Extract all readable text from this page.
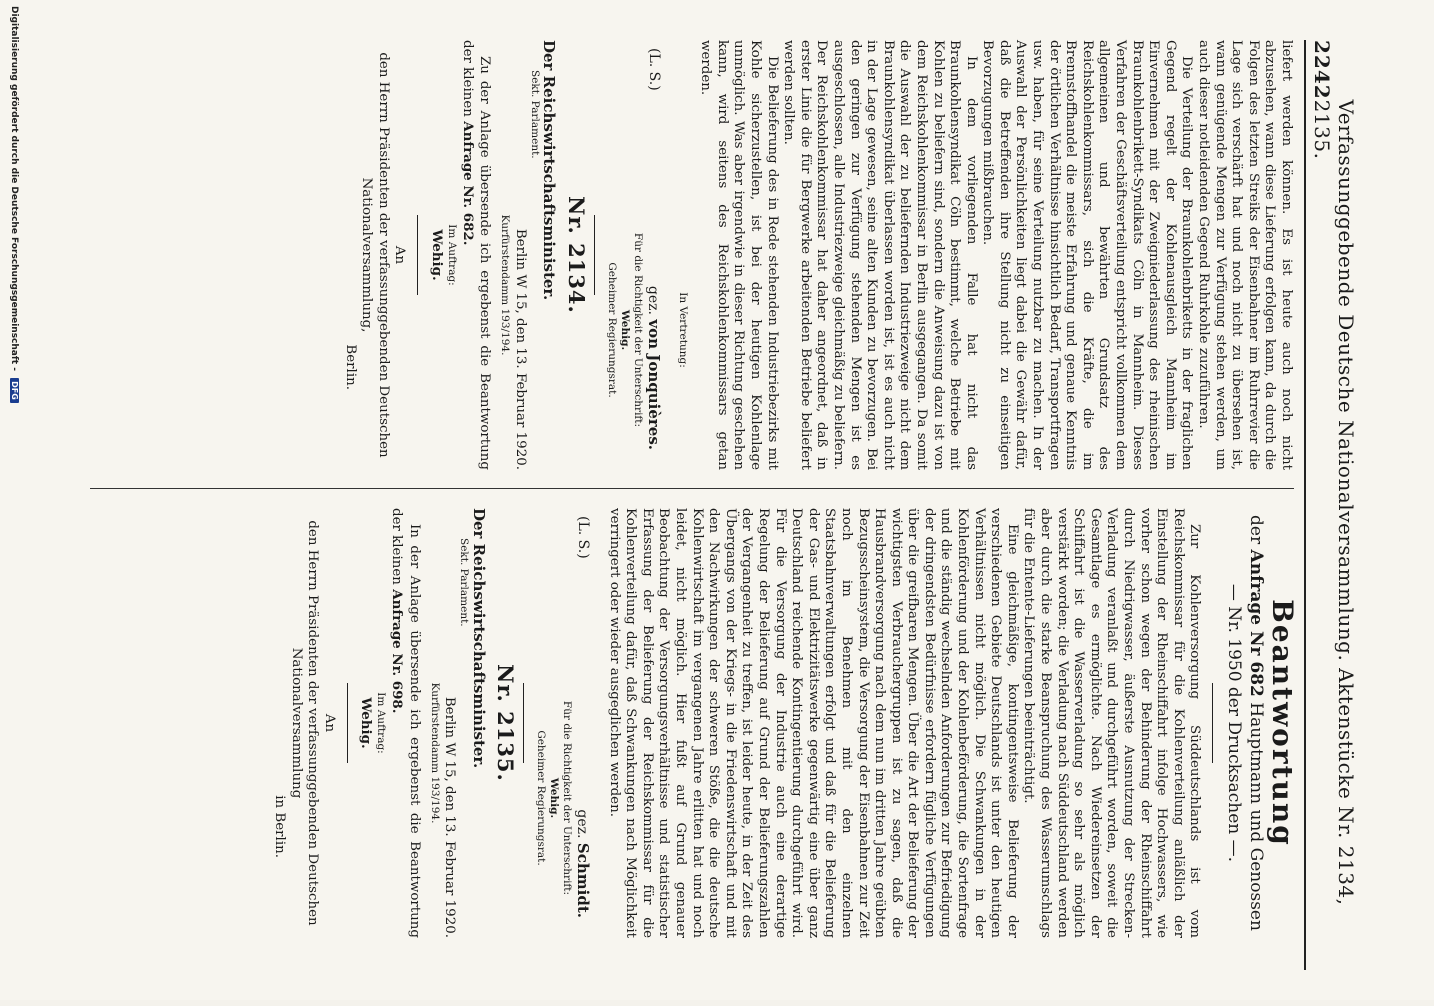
2242
Verfassunggebende Deutsche Nationalversammlung. Aktenstücke Nr. 2134, 2135.
Beantwortung
der Anfrage Nr 682 Hauptmann und Genossen
— Nr. 1950 der Drucksachen —.

Zur Kohlenversorgung Süddeutschlands ist vom Reichskommissar für die Kohlenverteilung anläßlich der Einstellung der Rheinschiffahrt infolge Hochwassers, wie vorher schon wegen der Behinderung der Rheinschiffahrt durch Niedrigwasser, äußerste Ausnutzung der Strecken-Verladung veranlaßt und durchgeführt worden, soweit die Gesamtlage es ermöglichte. Nach Wiedereinsetzen der Schiffahrt ist die Wasserverladung so sehr als möglich verstärkt worden; die Verladung nach Süddeutschland werden aber durch die starke Beanspruchung des Wasserumschlags für die Entente-Lieferungen beeinträchtigt.

Eine gleichmäßige, kontingentsweise Belieferung der verschiedenen Gebiete Deutschlands ist unter den heutigen Verhältnissen nicht möglich. Die Schwankungen in der Kohlenförderung und der Kohlenbeförderung, die Sortenfrage und die ständig wechselnden Anforderungen zur Befriedigung der dringendsten Bedürfnisse erfordern fügliche Verfügungen über die greifbaren Mengen. Über die Art der Belieferung der wichtigsten Verbrauchergruppen ist zu sagen, daß die Hausbrandversorgung nach dem nun im dritten Jahre geübten Bezugsscheinsystem, die Versorgung der Eisenbahnen zur Zeit noch im Benehmen mit den einzelnen Staatsbahnverwaltungen erfolgt und daß für die Belieferung der Gas- und Elektrizitätswerke gegenwärtig eine über ganz Deutschland reichende Kontingentierung durchgeführt wird. Für die Versorgung der Industrie auch eine derartige Regelung der Belieferung auf Grund der Belieferungszahlen der Vergangenheit zu treffen, ist leider heute, in der Zeit des Übergangs von der Kriegs- in die Friedenswirtschaft und mit den Nachwirkungen der schweren Stöße, die die deutsche Kohlenwirtschaft im vergangenen Jahre erlitten hat und noch leidet, nicht möglich. Hier fußt auf Grund genauer Beobachtung der Versorgungsverhältnisse und statistischer Erfassung der Belieferung der Reichskommissar für die Kohlenverteilung dafür, daß Schwankungen nach Möglichkeit verringert oder wieder ausgeglichen werden.

(L. S.)
gez. Schmidt.
Für die Richtigkeit der Unterschrift:
Wehig.
Geheimer Regierungsrat.
Nr. 2135.
Der Reichswirtschaftsminister.
Sekt. Parlament.
Berlin W 15, den 13. Februar 1920.
Kurfürstendamm 193/194.

In der Anlage übersende ich ergebenst die Beantwortung der kleinen Anfrage Nr. 698.

Im Auftrag:
Wehig.
An
den Herrn Präsidenten der verfassunggebenden Deutschen Nationalversammlung
in Berlin.

liefert werden können. Es ist heute auch noch nicht abzusehen, wann diese Lieferung erfolgen kann, da durch die Folgen des letzten Streiks der Eisenbahner im Ruhrrevier die Lage sich verschärft hat und noch nicht zu übersehen ist, wann genügende Mengen zur Verfügung stehen werden, um auch dieser notleidenden Gegend Ruhrkohle zuzuführen.

Die Verteilung der Braunkohlenbriketts in der fraglichen Gegend regelt der Kohlenausgleich Mannheim im Einvernehmen mit der Zweigniederlassung des rheinischen Braunkohlenbrikett-Syndikats Cöln in Mannheim. Dieses Verfahren der Geschäftsverteilung entspricht vollkommen dem allgemeinen und bewährten Grundsatz des Reichskohlenkommissars, sich die Kräfte, die im Brennstoffhandel die meiste Erfahrung und genaue Kenntnis der örtlichen Verhältnisse hinsichtlich Bedarf, Transportfragen usw. haben, für seine Verteilung nutzbar zu machen. In der Auswahl der Persönlichkeiten liegt dabei die Gewähr dafür, daß die Betreffenden ihre Stellung nicht zu einseitigen Bevorzugungen mißbrauchen.

In dem vorliegenden Falle hat nicht das Braunkohlensyndikat Cöln bestimmt, welche Betriebe mit Kohlen zu beliefern sind, sondern die Anweisung dazu ist von dem Reichskohlenkommissar in Berlin ausgegangen. Da somit die Auswahl der zu beliefernden Industriezweige nicht dem Braunkohlensyndikat überlassen worden ist, ist es auch nicht in der Lage gewesen, seine alten Kunden zu bevorzugen. Bei den geringen zur Verfügung stehenden Mengen ist es ausgeschlossen, alle Industriezweige gleichmäßig zu beliefern. Der Reichskohlenkommissar hat daher angeordnet, daß in erster Linie die für Bergwerke arbeitenden Betriebe beliefert werden sollten.

Die Belieferung des in Rede stehenden Industriebezirks mit Kohle sicherzustellen, ist bei der heutigen Kohlenlage unmöglich. Was aber irgendwie in dieser Richtung geschehen kann, wird seitens des Reichskohlenkommissars getan werden.

In Vertretung:
(L. S.)
gez. von Jonquières.
Für die Richtigkeit der Unterschrift:
Wehig.
Geheimer Regierungsrat.
Nr. 2134.
Der Reichswirtschaftsminister.
Sekt. Parlament.
Berlin W 15, den 13. Februar 1920.
Kurfürstendamm 193/194.

Zu der Anlage übersende ich ergebenst die Beantwortung der kleinen Anfrage Nr. 682.

Im Auftrag:
Wehig.
An
den Herrn Präsidenten der verfassunggebenden Deutschen Nationalversammlung,
Berlin.
Digitalisierung gefördert durch die Deutsche Forschungsgemeinschaft - DFG
